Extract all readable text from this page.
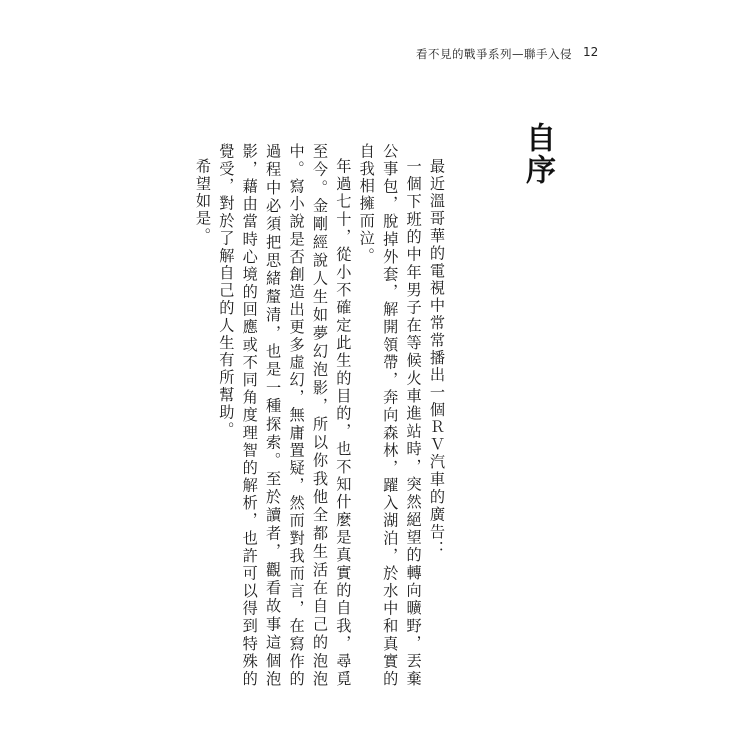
看不見的戰爭系列—聯手入侵 12
自序

最近溫哥華的電視中常常播出一個ＲＶ汽車的廣告：

一個下班的中年男子在等候火車進站時，突然絕望的轉向曠野，丟棄公事包，脫掉外套，解開領帶，奔向森林，躍入湖泊，於水中和真實的自我相擁而泣。

年過七十，從小不確定此生的目的，也不知什麼是真實的自我，尋覓至今。金剛經說人生如夢幻泡影，所以你我他全都生活在自己的泡泡中。寫小說是否創造出更多虛幻，無庸置疑，然而對我而言，在寫作的過程中必須把思緒釐清，也是一種探索。至於讀者，觀看故事這個泡影，藉由當時心境的回應或不同角度理智的解析，也許可以得到特殊的覺受，對於了解自己的人生有所幫助。

希望如是。
